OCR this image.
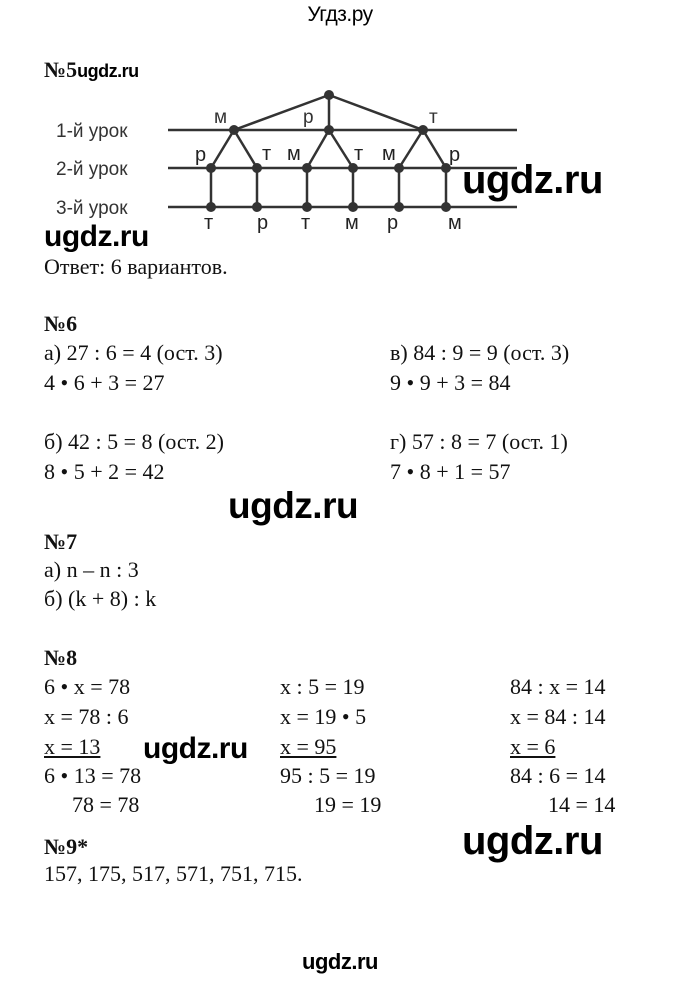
Угдз.ру
№5ugdz.ru
1-й урок
2-й урок
3-й урок
м	р	т
р	т м	т м	р
т р т м р м
ugdz.ru
ugdz.ru
Ответ: 6 вариантов.
№6
а) 27 : 6 = 4 (ост. 3)	в) 84 : 9 = 9 (ост. 3)
4 • 6 + 3 = 27	9 • 9 + 3 = 84
б) 42 : 5 = 8 (ост. 2)	г) 57 : 8 = 7 (ост. 1)
8 • 5 + 2 = 42	7 • 8 + 1 = 57
ugdz.ru
№7
а) n – n : 3
б) (k + 8) : k
№8
6 • x = 78
x = 78 : 6
x = 13
6 • 13 = 78
78 = 78
x : 5 = 19
x = 19 • 5
x = 95
95 : 5 = 19
19 = 19
84 : x = 14
x = 84 : 14
x = 6
84 : 6 = 14
14 = 14
ugdz.ru
ugdz.ru
№9*
157, 175, 517, 571, 751, 715.
ugdz.ru
